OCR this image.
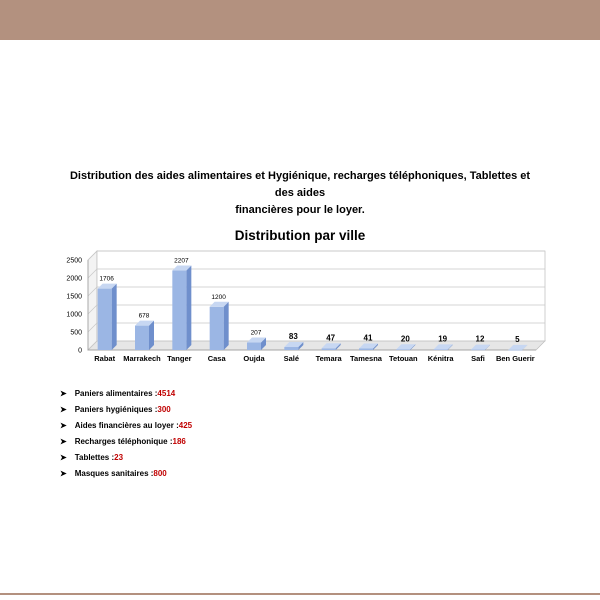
Distribution des aides alimentaires et Hygiénique, recharges téléphoniques, Tablettes et des aides
financières pour le loyer.
Distribution par ville
0
500
1000
1500
2000
2500
1706
Rabat
678
Marrakech
2207
Tanger
1200
Casa
207
Oujda
83
Salé
47
Temara
41
Tamesna
20
Tetouan
19
Kénitra
12
Safi
5
Ben Guerir
➤ Paniers alimentaires : 4514
➤ Paniers hygiéniques : 300
➤ Aides financières au loyer : 425
➤ Recharges téléphonique : 186
➤ Tablettes : 23
➤ Masques sanitaires : 800
